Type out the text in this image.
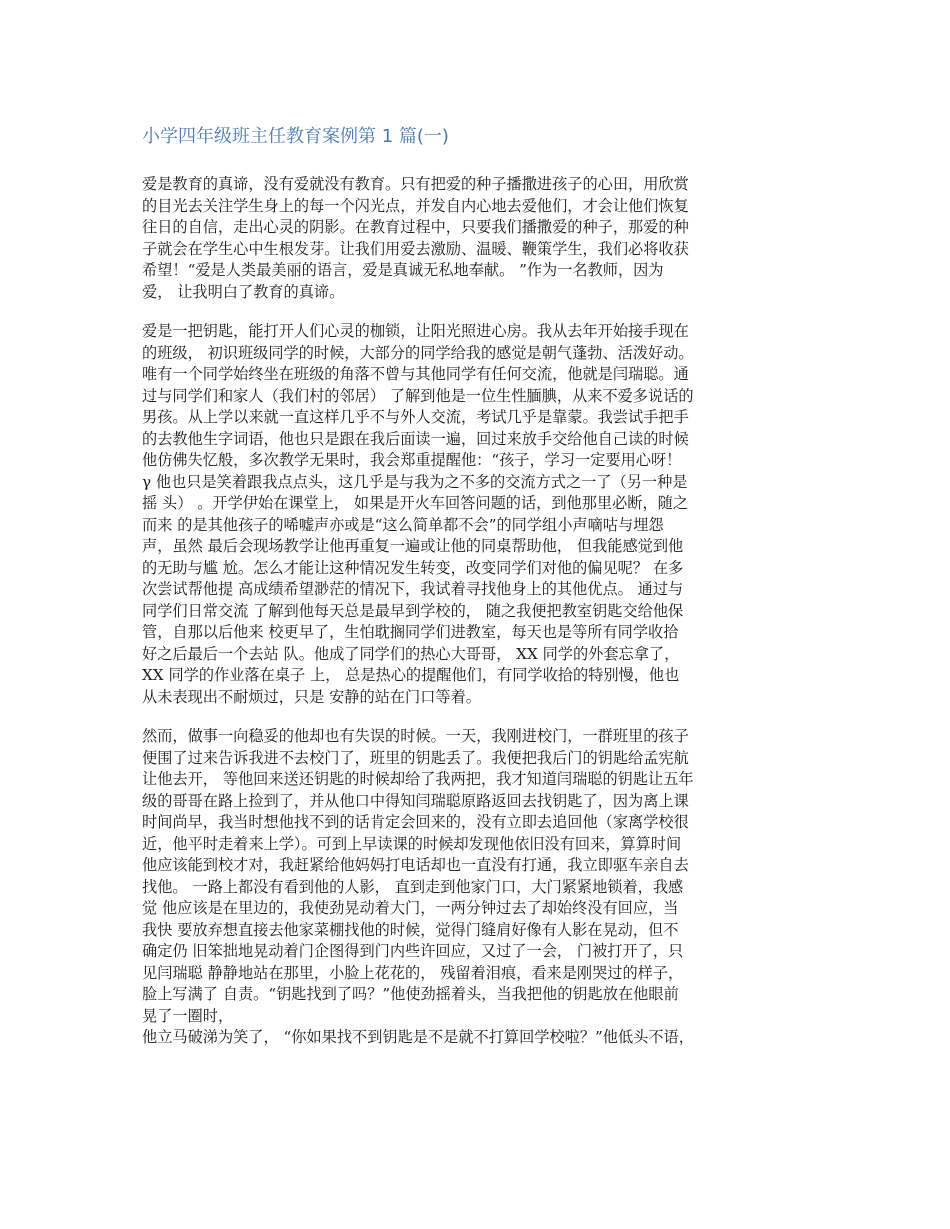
小学四年级班主任教育案例第 1 篇(一)

爱是教育的真谛，没有爱就没有教育。只有把爱的种子播撒进孩子的心田，用欣赏
的目光去关注学生身上的每一个闪光点，并发自内心地去爱他们，才会让他们恢复
往日的自信，走出心灵的阴影。在教育过程中，只要我们播撒爱的种子，那爱的种
子就会在学生心中生根发芽。让我们用爱去激励、温暖、鞭策学生，我们必将收获
希望！“爱是人类最美丽的语言，爱是真诚无私地奉献。 ”作为一名教师，因为
爱， 让我明白了教育的真谛。

爱是一把钥匙，能打开人们心灵的枷锁，让阳光照进心房。我从去年开始接手现在
的班级， 初识班级同学的时候，大部分的同学给我的感觉是朝气蓬勃、活泼好动。
唯有一个同学始终坐在班级的角落不曾与其他同学有任何交流，他就是闫瑞聪。通
过与同学们和家人（我们村的邻居） 了解到他是一位生性腼腆，从来不爱多说话的
男孩。从上学以来就一直这样几乎不与外人交流，考试几乎是靠蒙。我尝试手把手
的去教他生字词语，他也只是跟在我后面读一遍，回过来放手交给他自己读的时候
他仿佛失忆般，多次教学无果时，我会郑重提醒他：“孩子，学习一定要用心呀！
γ 他也只是笑着跟我点点头，这几乎是与我为之不多的交流方式之一了（另一种是
摇 头） 。开学伊始在课堂上， 如果是开火车回答问题的话，到他那里必断，随之
而来 的是其他孩子的唏嘘声亦或是“这么简单都不会”的同学组小声嘀咕与埋怨
声，虽然 最后会现场教学让他再重复一遍或让他的同桌帮助他， 但我能感觉到他
的无助与尴 尬。怎么才能让这种情况发生转变，改变同学们对他的偏见呢？ 在多
次尝试帮他提 高成绩希望渺茫的情况下，我试着寻找他身上的其他优点。 通过与
同学们日常交流 了解到他每天总是最早到学校的， 随之我便把教室钥匙交给他保
管，自那以后他来 校更早了，生怕耽搁同学们进教室，每天也是等所有同学收拾
好之后最后一个去站 队。他成了同学们的热心大哥哥， XX 同学的外套忘拿了，
XX 同学的作业落在桌子 上， 总是热心的提醒他们，有同学收拾的特别慢，他也
从未表现出不耐烦过，只是 安静的站在门口等着。

然而，做事一向稳妥的他却也有失误的时候。一天，我刚进校门，一群班里的孩子
便围了过来告诉我进不去校门了，班里的钥匙丢了。我便把我后门的钥匙给孟宪航
让他去开， 等他回来送还钥匙的时候却给了我两把，我才知道闫瑞聪的钥匙让五年
级的哥哥在路上捡到了，并从他口中得知闫瑞聪原路返回去找钥匙了，因为离上课
时间尚早，我当时想他找不到的话肯定会回来的，没有立即去追回他（家离学校很
近，他平时走着来上学）。可到上早读课的时候却发现他依旧没有回来，算算时间
他应该能到校才对，我赶紧给他妈妈打电话却也一直没有打通，我立即驱车亲自去
找他。 一路上都没有看到他的人影， 直到走到他家门口，大门紧紧地锁着，我感
觉 他应该是在里边的，我使劲晃动着大门，一两分钟过去了却始终没有回应，当
我快 要放弃想直接去他家菜棚找他的时候，觉得门缝肩好像有人影在晃动，但不
确定仍 旧笨拙地晃动着门企图得到门内些许回应，又过了一会， 门被打开了，只
见闫瑞聪 静静地站在那里，小脸上花花的， 残留着泪痕，看来是刚哭过的样子，
脸上写满了 自责。“钥匙找到了吗？”他使劲摇着头，当我把他的钥匙放在他眼前
晃了一圈时，
他立马破涕为笑了， “你如果找不到钥匙是不是就不打算回学校啦？”他低头不语，
